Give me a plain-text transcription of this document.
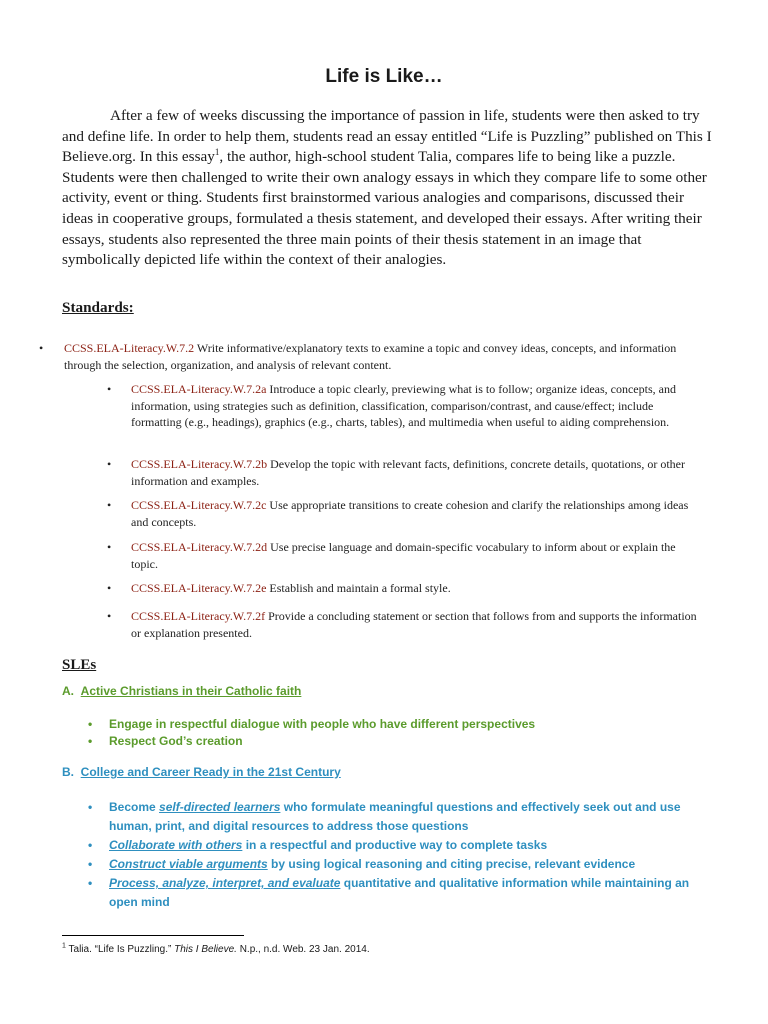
Life is Like…

After a few of weeks discussing the importance of passion in life, students were then asked to try and define life. In order to help them, students read an essay entitled “Life is Puzzling” published on This I Believe.org. In this essay$^1$, the author, high-school student Talia, compares life to being like a puzzle. Students were then challenged to write their own analogy essays in which they compare life to some other activity, event or thing. Students first brainstormed various analogies and comparisons, discussed their ideas in cooperative groups, formulated a thesis statement, and developed their essays. After writing their essays, students also represented the three main points of their thesis statement in an image that symbolically depicted life within the context of their analogies.

Standards:
• CCSS.ELA-Literacy.W.7.2 Write informative/explanatory texts to examine a topic and convey ideas, concepts, and information through the selection, organization, and analysis of relevant content.
• CCSS.ELA-Literacy.W.7.2a Introduce a topic clearly, previewing what is to follow; organize ideas, concepts, and information, using strategies such as definition, classification, comparison/contrast, and cause/effect; include formatting (e.g., headings), graphics (e.g., charts, tables), and multimedia when useful to aiding comprehension.
• CCSS.ELA-Literacy.W.7.2b Develop the topic with relevant facts, definitions, concrete details, quotations, or other information and examples.
• CCSS.ELA-Literacy.W.7.2c Use appropriate transitions to create cohesion and clarify the relationships among ideas and concepts.
• CCSS.ELA-Literacy.W.7.2d Use precise language and domain-specific vocabulary to inform about or explain the topic.
• CCSS.ELA-Literacy.W.7.2e Establish and maintain a formal style.
• CCSS.ELA-Literacy.W.7.2f Provide a concluding statement or section that follows from and supports the information or explanation presented.
SLEs
A. Active Christians in their Catholic faith
• Engage in respectful dialogue with people who have different perspectives
• Respect God’s creation
B. College and Career Ready in the 21st Century
• Become self-directed learners who formulate meaningful questions and effectively seek out and use human, print, and digital resources to address those questions
• Collaborate with others in a respectful and productive way to complete tasks
• Construct viable arguments by using logical reasoning and citing precise, relevant evidence
• Process, analyze, interpret, and evaluate quantitative and qualitative information while maintaining an open mind
$^1$ Talia. “Life Is Puzzling.” This I Believe. N.p., n.d. Web. 23 Jan. 2014.
